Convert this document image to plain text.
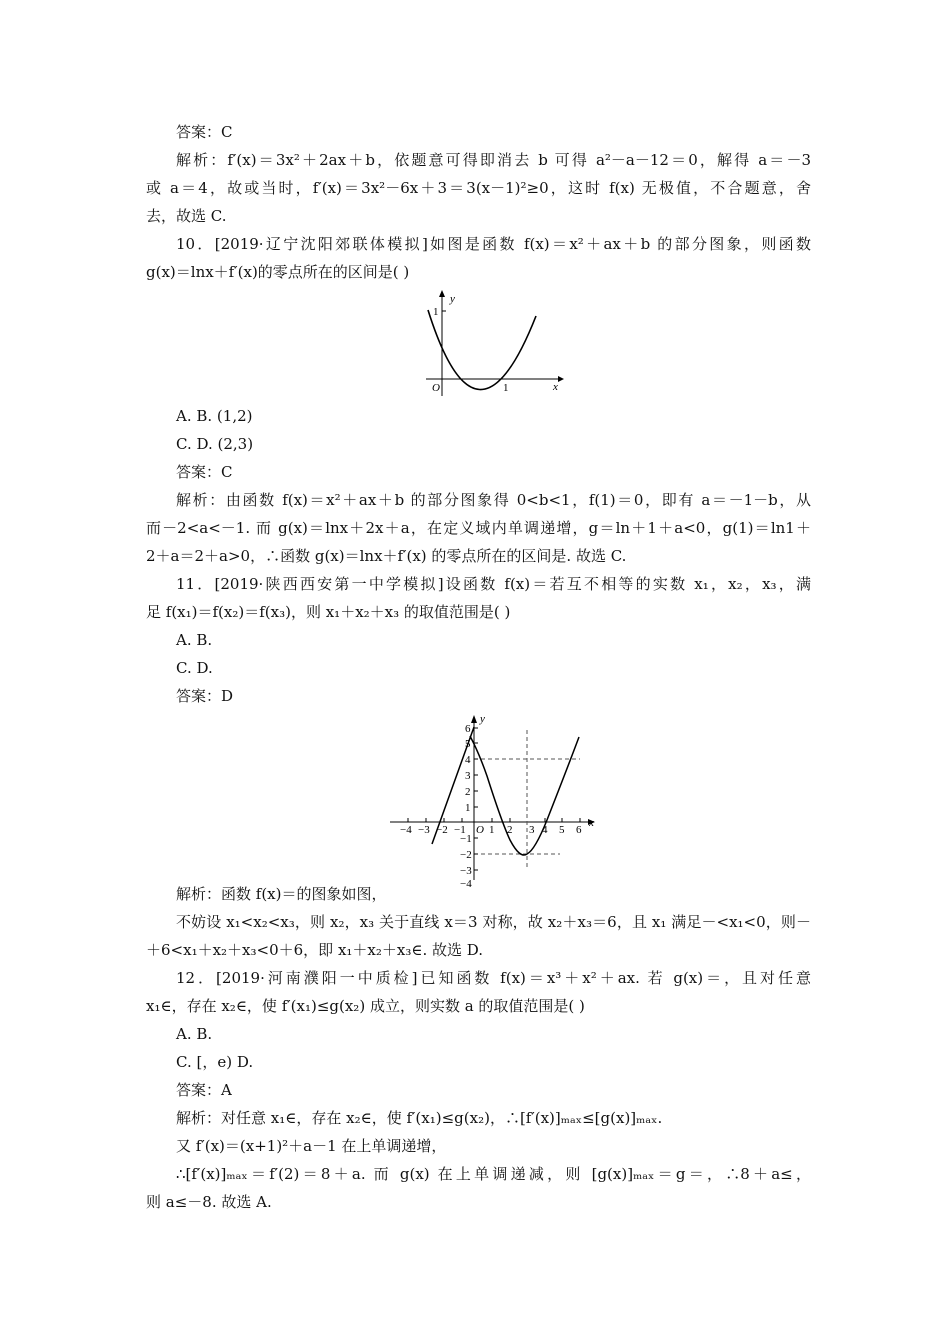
答案：C
解析：f′(x)＝3x²＋2ax＋b，依题意可得即消去 b 可得 a²－a－12＝0，解得 a＝－3
或 a＝4，故或当时，f′(x)＝3x²－6x＋3＝3(x－1)²≥0，这时 f(x) 无极值，不合题意，舍
去，故选 C.
10．[2019·辽宁沈阳郊联体模拟]如图是函数 f(x)＝x²＋ax＋b 的部分图象，则函数
g(x)＝lnx＋f′(x)的零点所在的区间是( )
y
1
x
O	1
A. B. (1,2)
C. D. (2,3)
答案：C
解析：由函数 f(x)＝x²＋ax＋b 的部分图象得 0<b<1，f(1)＝0，即有 a＝－1－b，从
而－2<a<－1. 而 g(x)＝lnx＋2x＋a，在定义域内单调递增，g＝ln＋1＋a<0，g(1)＝ln1＋
2＋a＝2＋a>0，∴函数 g(x)＝lnx＋f′(x) 的零点所在的区间是. 故选 C.
11．[2019·陕西西安第一中学模拟]设函数 f(x)＝若互不相等的实数 x₁，x₂，x₃，满
足 f(x₁)＝f(x₂)＝f(x₃)，则 x₁＋x₂＋x₃ 的取值范围是( )
A. B.
C. D.
答案：D
y
x
O
−4 −3 −2 −1 1 2 3 4 5 6
6
5
4
3
2
1
−1
−2
−3
−4
解析：函数 f(x)＝的图象如图，
不妨设 x₁<x₂<x₃，则 x₂，x₃ 关于直线 x＝3 对称，故 x₂＋x₃＝6，且 x₁ 满足－<x₁<0，则－
＋6<x₁＋x₂＋x₃<0＋6，即 x₁＋x₂＋x₃∈. 故选 D.
12．[2019·河南濮阳一中质检]已知函数 f(x)＝x³＋x²＋ax. 若 g(x)＝，且对任意
x₁∈，存在 x₂∈，使 f′(x₁)≤g(x₂) 成立，则实数 a 的取值范围是( )
A. B.
C. [，e) D.
答案：A
解析：对任意 x₁∈，存在 x₂∈，使 f′(x₁)≤g(x₂)，∴[f′(x)]ₘₐₓ≤[g(x)]ₘₐₓ.
又 f′(x)＝(x+1)²＋a－1 在上单调递增，
∴[f′(x)]ₘₐₓ＝f′(2)＝8＋a. 而 g(x) 在上单调递减，则 [g(x)]ₘₐₓ＝g＝，∴8＋a≤，
则 a≤－8. 故选 A.
